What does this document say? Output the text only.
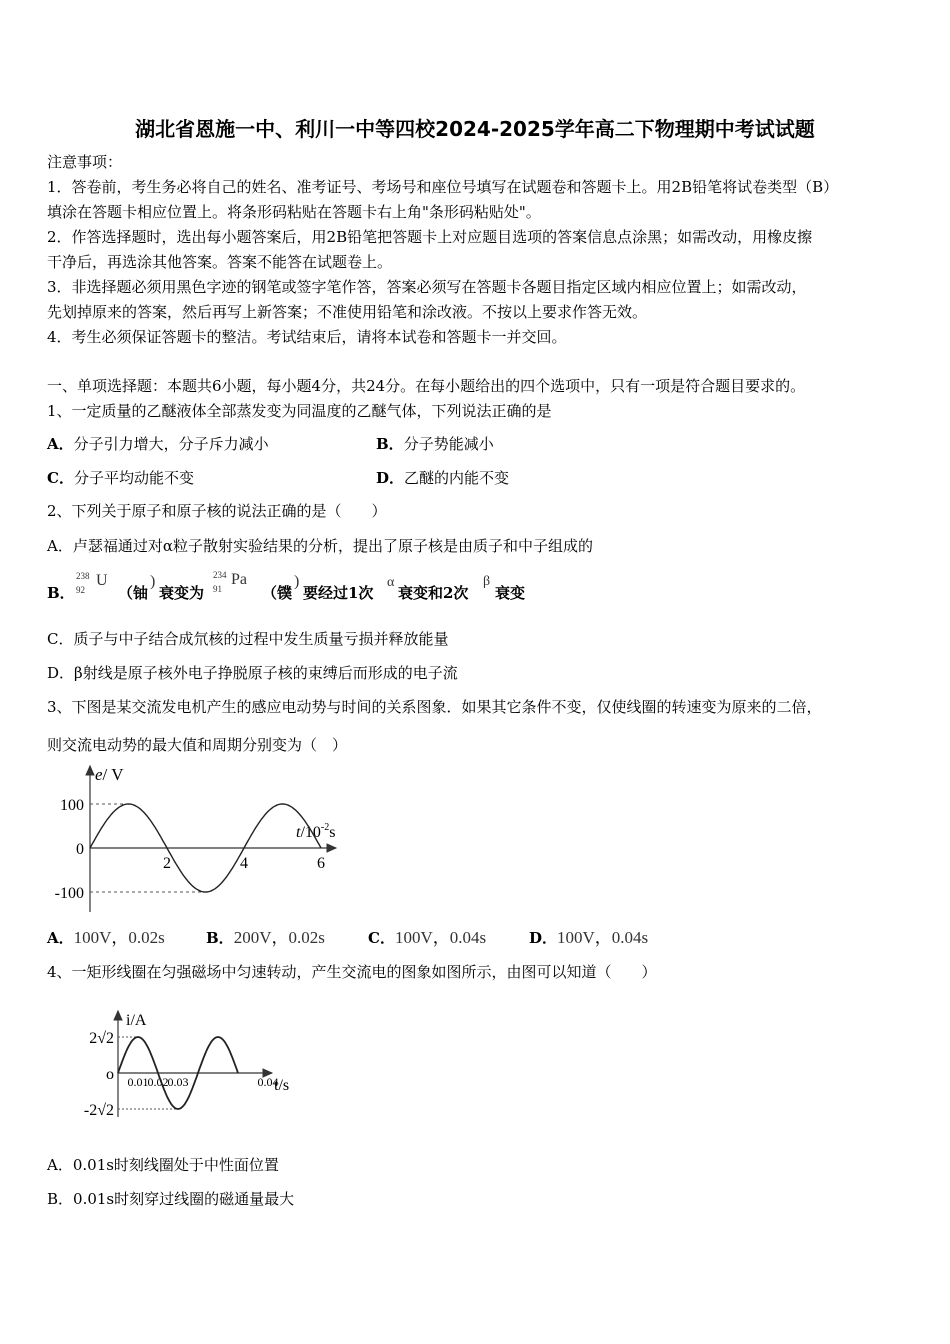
湖北省恩施一中、利川一中等四校2024-2025学年高二下物理期中考试试题
注意事项：
1．答卷前，考生务必将自己的姓名、准考证号、考场号和座位号填写在试题卷和答题卡上。用2B铅笔将试卷类型（B）
填涂在答题卡相应位置上。将条形码粘贴在答题卡右上角"条形码粘贴处"。
2．作答选择题时，选出每小题答案后，用2B铅笔把答题卡上对应题目选项的答案信息点涂黑；如需改动，用橡皮擦
干净后，再选涂其他答案。答案不能答在试题卷上。
3．非选择题必须用黑色字迹的钢笔或签字笔作答，答案必须写在答题卡各题目指定区域内相应位置上；如需改动，
先划掉原来的答案，然后再写上新答案；不准使用铅笔和涂改液。不按以上要求作答无效。
4．考生必须保证答题卡的整洁。考试结束后，请将本试卷和答题卡一并交回。
一、单项选择题：本题共6小题，每小题4分，共24分。在每小题给出的四个选项中，只有一项是符合题目要求的。
1、一定质量的乙醚液体全部蒸发变为同温度的乙醚气体，下列说法正确的是
A．分子引力增大，分子斥力减小	B．分子势能减小
C．分子平均动能不变	D．乙醚的内能不变
2、下列关于原子和原子核的说法正确的是（　　）
A．卢瑟福通过对α粒子散射实验结果的分析，提出了原子核是由质子和中子组成的
B．
238
92
U
（铀
)
衰变为
234
91
Pa
（镤
)
要经过1次
α
衰变和2次
β
衰变
C．质子与中子结合成氘核的过程中发生质量亏损并释放能量
D．β射线是原子核外电子挣脱原子核的束缚后而形成的电子流
3、下图是某交流发电机产生的感应电动势与时间的关系图象．如果其它条件不变，仅使线圈的转速变为原来的二倍，
则交流电动势的最大值和周期分别变为（　）
e/ V
$t/10^{-2}s$
100
0
-100
2	4	6
A．100V，0.02s	B．200V，0.02s	C．100V，0.04s	D．100V，0.04s
4、一矩形线圈在匀强磁场中匀速转动，产生交流电的图象如图所示，由图可以知道（　　）
i/A
t/s
2√2
o
-2√2
0.01 0.02 0.03	0.04
A．0.01s时刻线圈处于中性面位置
B．0.01s时刻穿过线圈的磁通量最大
